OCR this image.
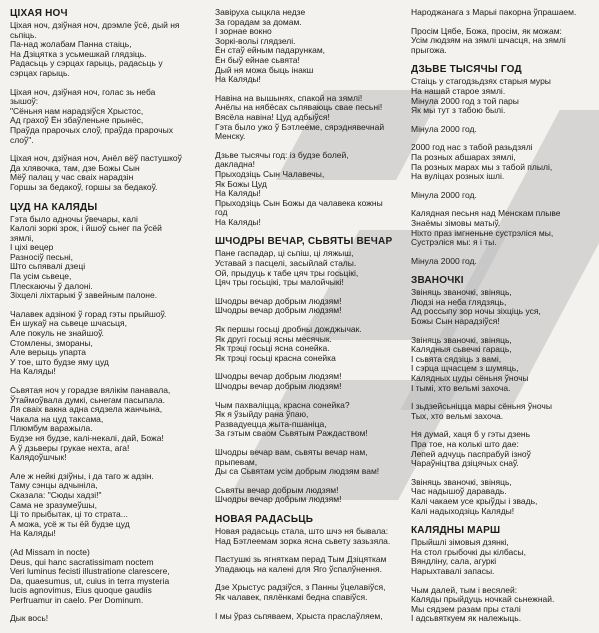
ЦІХАЯ НОЧ
Ціхая ноч, дзіўная ноч, дрэмле ўсё, дый ня
сьпіць.
Па-над жолабам Панна стаіць,
На Дзіцятка з усьмешкай глядзіць.
Радасьць у сэрцах гарыць, радасьць у
сэрцах гарыць.
Ціхая ноч, дзіўная ноч, голас зь неба
зышоў:
"Сёньня нам нарадзіўся Хрыстос,
Ад грахоў Ён збаўленьне прынёс,
Праўда прарочых слоў, праўда прарочых
слоў".
Ціхая ноч, дзіўная ноч, Анёл вёў пастушкоў
Да хлявочка, там, дзе Божы Сын
Мёў палац у час сваіх нарадзін
Горшы за бедакоў, горшы за бедакоў.
ЦУД НА КАЛЯДЫ
Гэта было адночы ўвечары, калі
Калолі зоркі зрок, і йшоў сьнег па ўсёй
зямлі,
І ціхі вецер
Разносіў песьні,
Што сьпявалі дзеці
Па усім сьвеце,
Плескаючы ў далоні.
Зіхцелі ліхтарыкі ў завейным палоне.
Чалавек адзінокі ў горад гэты прыйшоў.
Ён шукаў на сьвеце шчасьця,
Але покуль не знайшоў.
Стомлены, змораны,
Але верыць упарта
У тое, што будзе яму цуд
На Каляды!
Сьвятая ноч у горадзе вялікім панавала,
Ўтаймоўвала думкі, сьнегам пасыпала.
Ля сваіх вакна адна сядзела жанчына,
Чакала на цуд таксама,
Плюмбум варажыла.
Будзе ня будзе, калі-некалі, дай, Божа!
А ў дзьверы грукае нехта, ага!
Калядоўшчык!
Але ж нейкі дзіўны, і да таго ж адзін.
Таму сэнцы адчыніла,
Сказала: "Сюды хадзі!"
Сама не зразумеўшы,
Ці то прыбытак, ці то страта...
А можа, усё ж ты ёй будзе цуд
На Каляды!
(Ad Missam in nocte)
Deus, qui hanc sacratissimam noctem
Veri luminus fecisti illustratione clarescere,
Da, quaesumus, ut, cuius in terra mysteria
lucis agnovimus, Eius quoque gaudiis
Perfruamur in caelo. Per Dominum.
Дык вось!
Завіруха сыцкла недзе
За горадам за домам.
І зорнае вокно
Зоркі-вольі глядзелі.
Ён стаў ейным падарункам,
Ён быў ейнае сьвята!
Дый ня можа быць інакш
На Каляды!
Навіна на вышынях, спакой на зямлі!
Анёлы на нябёсах сьпяваюць свае песьні!
Вясёла навіна! Цуд адбыўся!
Гэта было ужо ў Бэтлееме, сярэднявечнай
Менску.
Дзьве тысячы год: із будзе болей,
дакладна!
Прыходзіць Сын Чалавечы,
Як Божы Цуд
На Каляды!
Прыходзіць Сын Божы да чалавека кожны
год
На Каляды!
ШЧОДРЫ ВЕЧАР, СЬВЯТЫ ВЕЧАР
Пане гаспадар, ці сьпіш, ці ляжыш,
Уставай з пасцелі, засыйлай сталы.
Ой, прыдуць к табе цяч тры госьцікі,
Цяч тры госьцікі, тры малойчыкі!
Шчодры вечар добрым людзям!
Шчодры вечар добрым людзям!
Як першы госьці дробны дожджычак.
Як другі госьці ясны месячык.
Як трэці госьці ясна сонейка.
Як трэці госьці красна сонейка
Шчодры вечар добрым людзям!
Шчодры вечар добрым людзям!
Чым пахваліцца, красна сонейка?
Як я ўзыйду рана ўпаю,
Развадуецца жыта-пшаніца,
За гэтым сваом Сьвятым Раждаством!
Шчодры вечар вам, сьвяты вечар нам,
прыпевам,
Ды са Сьвятам усім добрым людзям вам!
Сьвяты вечар добрым людзям!
Шчодры вечар добрым людзям!
НОВАЯ РАДАСЬЦЬ
Новая радасьць стала, што шчэ ня бывала:
Над Бэтлеемам зорка ясна сьвету зазьзяла.
Пастушкі зь ягняткам перад Тым Дзіцяткам
Упадаюць на калені для Яго ўспалўнення.
Дзе Хрыстус радзіўся, з Панны ўцелавіўся,
Як чалавек, пялёнкамі бедна спавіўся.
І мы ўраз сьпяваем, Хрыста праслаўляем,
Народжанага з Марыі пакорна ўпрашаем.
Просім Цябе, Божа, просім, як можам:
Усім людзям на зямлі шчасця, на зямлі
прыгожа.
ДЗЬВЕ ТЫСЯЧЫ ГОД
Стаіць у стагодзьдзях старыя муры
На нашай старое зямлі.
Мінула 2000 год з той пары
Як мы тут з табою былі.
Мінула 2000 год.
2000 год нас з табой разьдзялі
Па розных абшарах зямлі,
Па розных марах мы з табой плылі,
На вуліцах розных ішлі.
Мінула 2000 год.
Калядная песьня над Менскам плыве
Знаёмы зімовы матыў.
Ніхто праз імгненьне сустрэліся мы,
Сустрэліся мы: я і ты.
Мінула 2000 год.
ЗВАНОЧКІ
Звіняць званочкі, звіняць,
Людзі на неба глядзяць,
Ад россыпу зор ночы зіхціць уся,
Божы Сын нарадзіўся!
Звіняць званочкі, звіняць,
Калядныя сьвечкі гараць,
І сьвята сядзіць з вамі,
І сэрца щчасцем з шумяць,
Калядных цуды сёньня ўночы
І тымі, хто вельмі захоча.
І зьдзейсьніцца мары сёньня ўночы
Тых, хто вельмі захоча.
Ня думай, хаця б у гэты дзень
Пра тое, на колькі што дае:
Лепей адчуць паспрабуй ізноў
Чараўніцтва дзіцячых снаў.
Звіняць званочкі, звіняць,
Час надышоў даравадь.
Калі чакаем усе крыўды і звадь,
Калі надыходзіць Каляды!
КАЛЯДНЫ МАРШ
Прыйшлі зімовыя дзянкі,
На стол грыбочкі ды кілбасы,
Вяндліну, сала, агуркі
Нарыхтавалі запасы.
Чым далей, тым і весялей:
Каляды прыйдуць ночкай сьнежнай.
Мы сядзем разам пры сталі
І адсьвяткуем як належыць.
